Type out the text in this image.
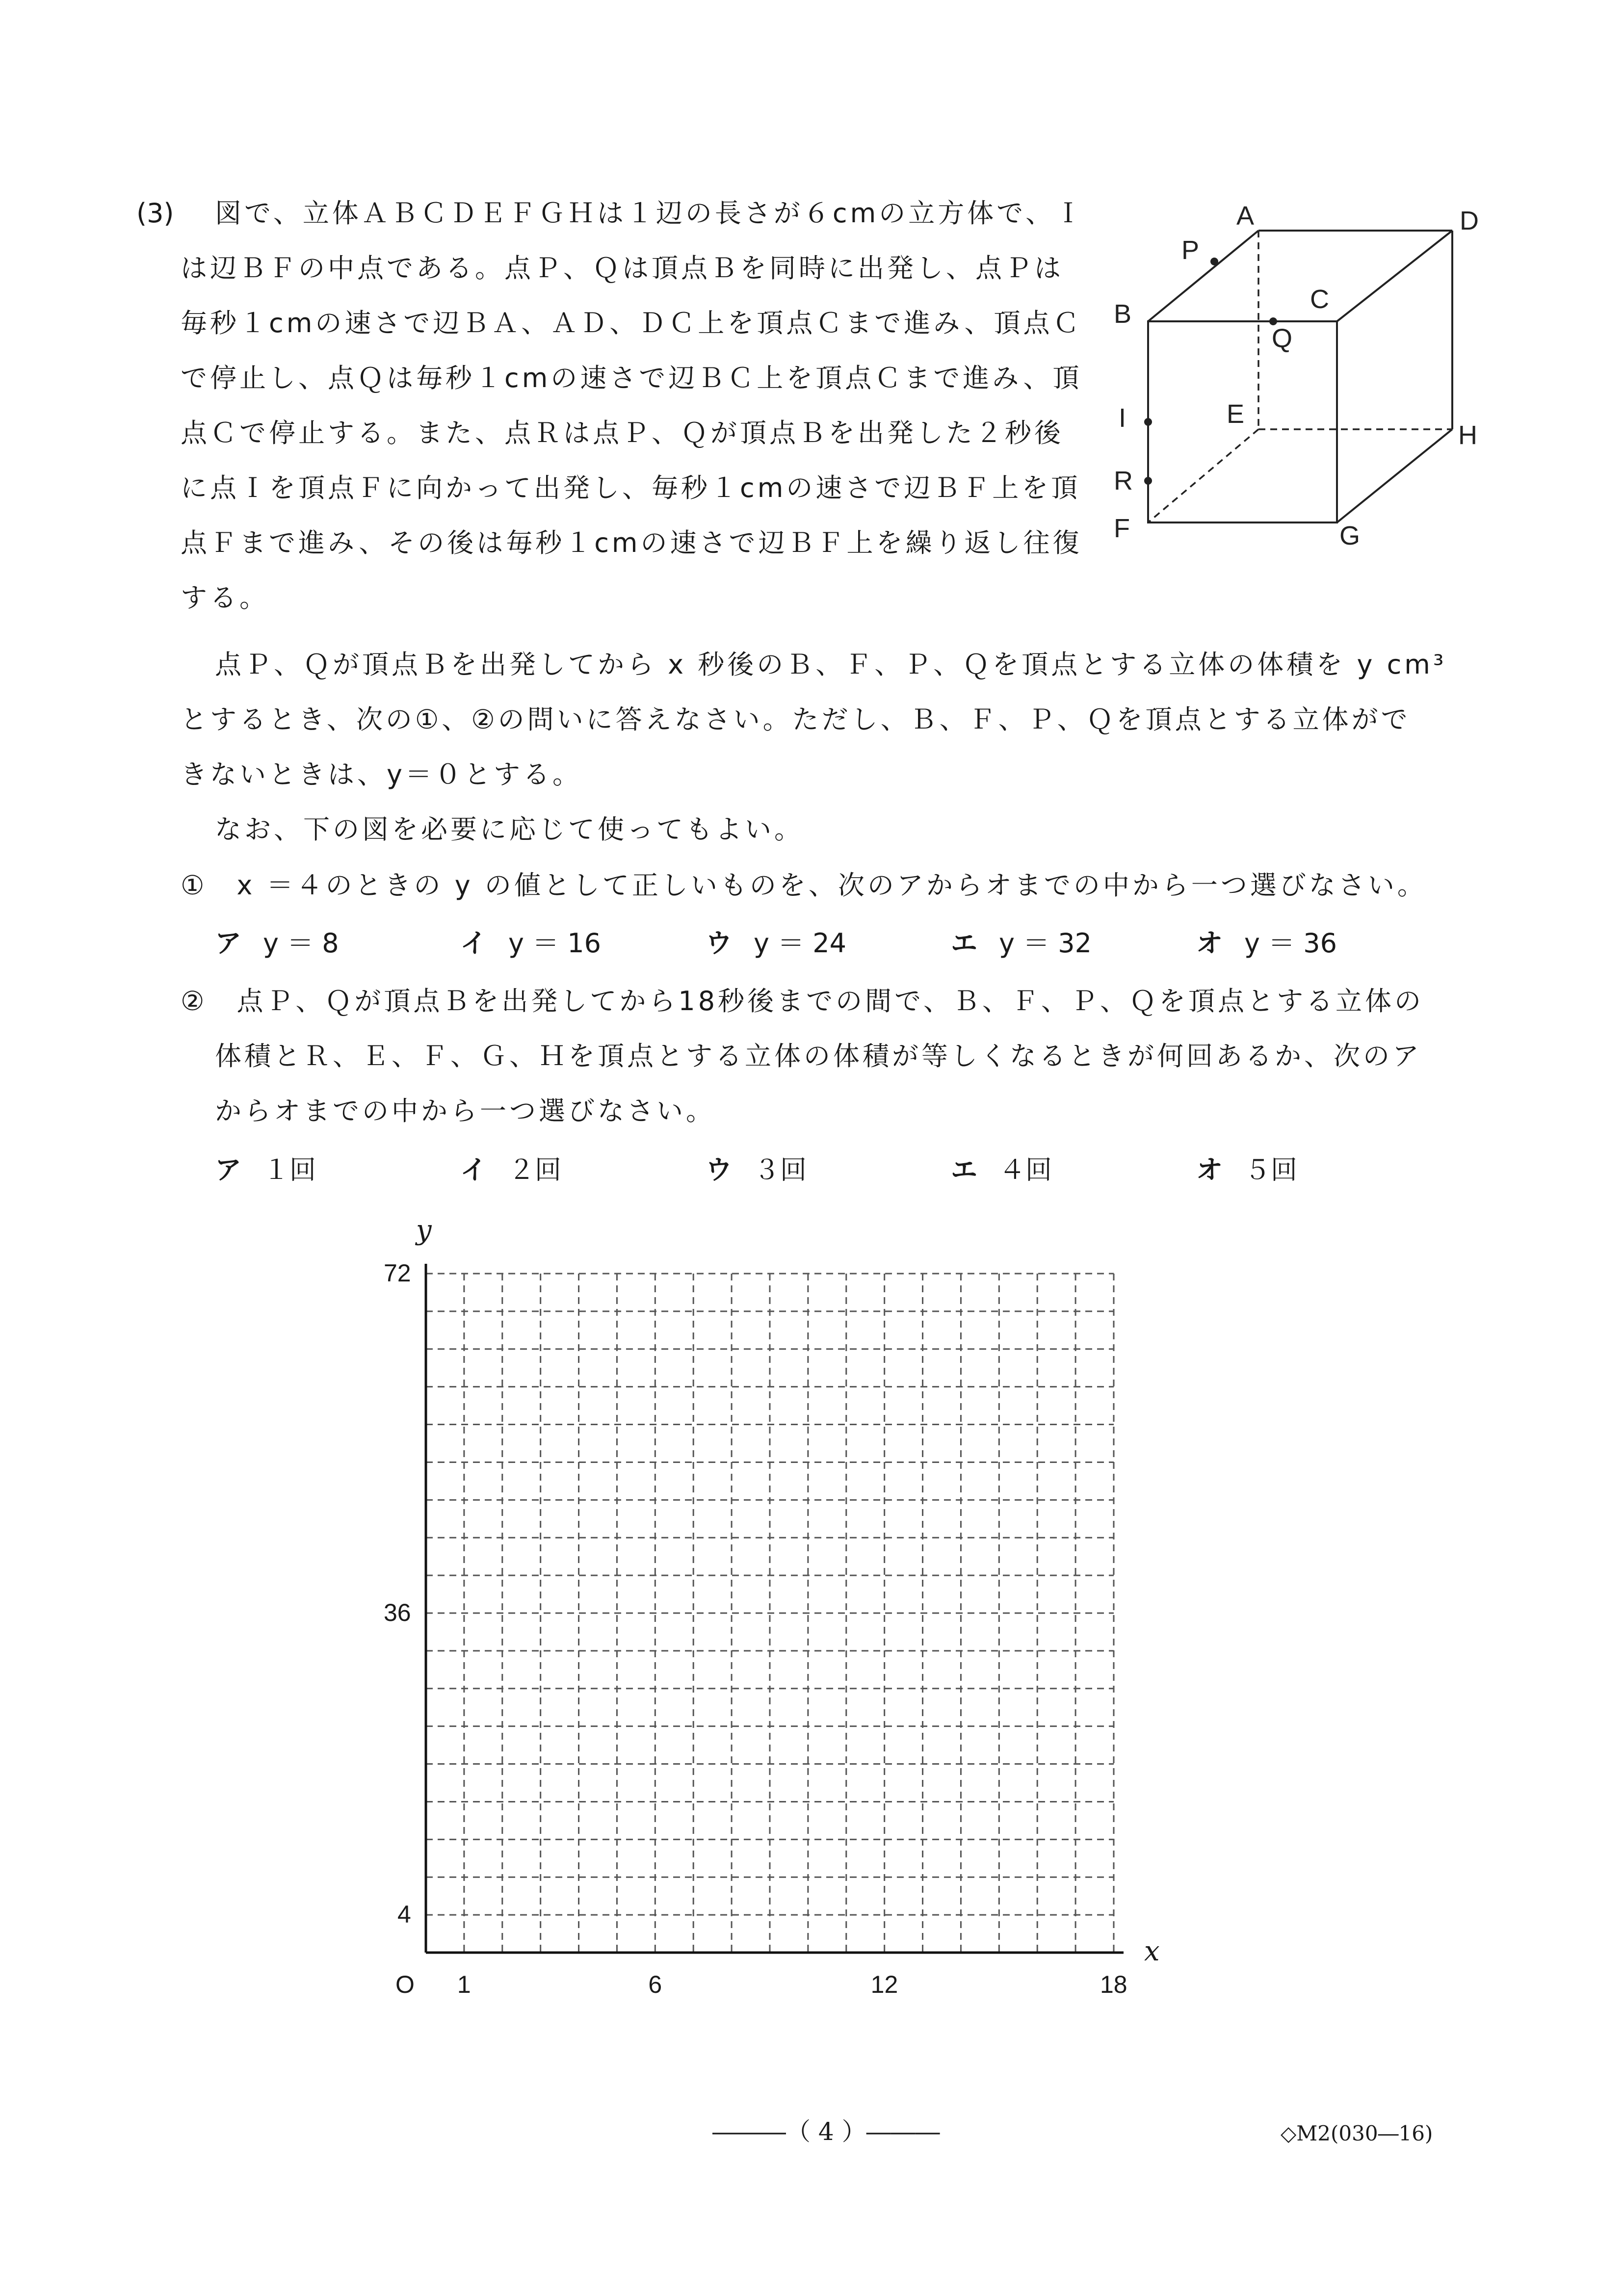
(3) 図で、立体ＡＢＣＤＥＦＧＨは１辺の長さが６cmの立方体で、Ｉ
は辺ＢＦの中点である。点Ｐ、Ｑは頂点Ｂを同時に出発し、点Ｐは
毎秒１cmの速さで辺ＢＡ、ＡＤ、ＤＣ上を頂点Ｃまで進み、頂点Ｃ
で停止し、点Ｑは毎秒１cmの速さで辺ＢＣ上を頂点Ｃまで進み、頂
点Ｃで停止する。また、点Ｒは点Ｐ、Ｑが頂点Ｂを出発した２秒後
に点Ｉを頂点Ｆに向かって出発し、毎秒１cmの速さで辺ＢＦ上を頂
点Ｆまで進み、その後は毎秒１cmの速さで辺ＢＦ上を繰り返し往復
する。
A	D
P
B	C
Q
I	E
H
R
F	G
点Ｐ、Ｑが頂点Ｂを出発してから x 秒後のＢ、Ｆ、Ｐ、Ｑを頂点とする立体の体積を y cm³
とするとき、次の①、②の問いに答えなさい。ただし、Ｂ、Ｆ、Ｐ、Ｑを頂点とする立体がで
きないときは、y＝０とする。
なお、下の図を必要に応じて使ってもよい。
①　x ＝４のときの y の値として正しいものを、次のアからオまでの中から一つ選びなさい。
ア y ＝ 8	イ y ＝ 16	ウ y ＝ 24	エ y ＝ 32	オ y ＝ 36
②　点Ｐ、Ｑが頂点Ｂを出発してから18秒後までの間で、Ｂ、Ｆ、Ｐ、Ｑを頂点とする立体の
体積とＲ、Ｅ、Ｆ、Ｇ、Ｈを頂点とする立体の体積が等しくなるときが何回あるか、次のア
からオまでの中から一つ選びなさい。
ア １回	イ ２回	ウ ３回	エ ４回	オ ５回
y
x
O 1	6	12	18
4
36
72
―――（ 4 ）―――	◇M2(030―16)
